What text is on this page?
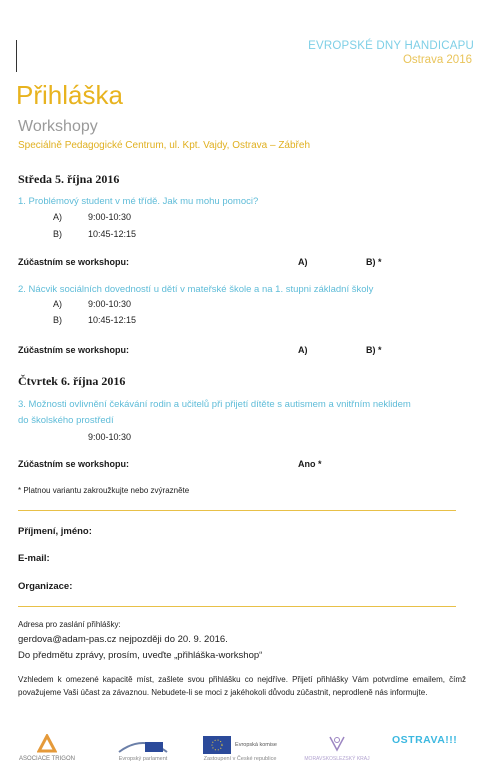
EVROPSKÉ DNY HANDICAPU
Ostrava 2016
Přihláška
Workshopy
Speciálně Pedagogické Centrum, ul. Kpt. Vajdy, Ostrava – Zábřeh
Středa 5. října 2016
1. Problémový student v mé třídě. Jak mu mohu pomoci?
A)	9:00-10:30
B)	10:45-12:15
Zúčastním se workshopu:	A)	B) *
2. Nácvik sociálních dovedností u dětí v mateřské škole a na 1. stupni základní školy
A)	9:00-10:30
B)	10:45-12:15
Zúčastním se workshopu:	A)	B) *
Čtvrtek 6. října 2016
3. Možnosti ovlivnění čekávání rodin a učitelů při přijetí dítěte s autismem a vnitřním neklidem
do školského prostředí
9:00-10:30
Zúčastním se workshopu:	Ano *
* Platnou variantu zakroužkujte nebo zvýrazněte
Příjmení, jméno:
E-mail:
Organizace:
Adresa pro zaslání přihlášky:
gerdova@adam-pas.cz nejpozději do 20. 9. 2016.
Do předmětu zprávy, prosím, uveďte „přihláška-workshop“
Vzhledem k omezené kapacitě míst, zašlete svou přihlášku co nejdříve. Přijetí přihlášky Vám potvrdíme emailem, čímž považujeme Vaši účast za závaznou. Nebudete-li se moci z jakéhokoli důvodu zúčastnit, neprodleně nás informujte.
ASOCIACE TRIGON	Evropský parlament
Evropská komise
Zastoupení v České republice	MORAVSKOSLEZSKÝ KRAJ
OSTRAVA!!!
